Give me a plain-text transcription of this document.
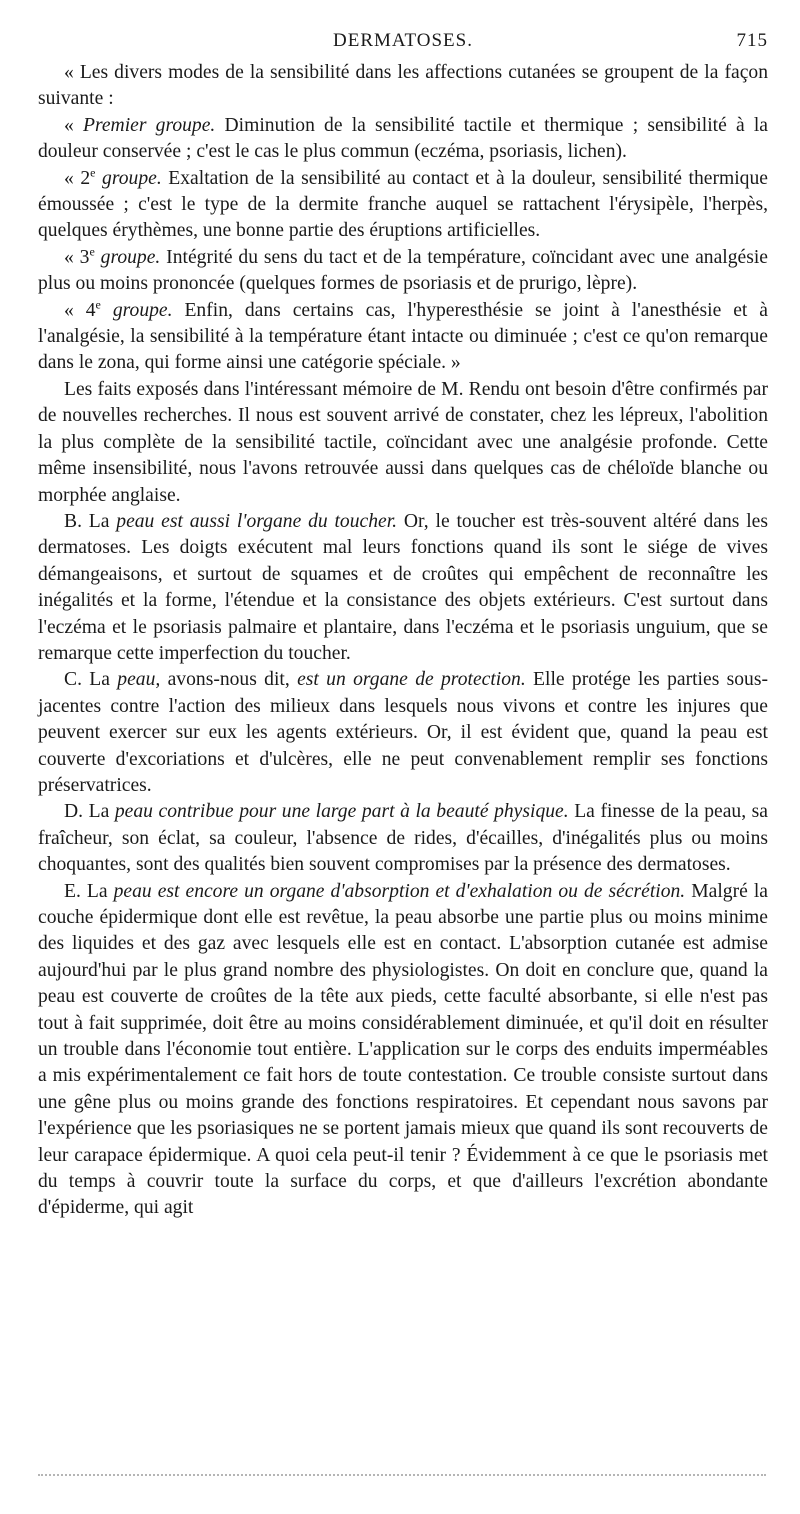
DERMATOSES.	715

« Les divers modes de la sensibilité dans les affections cutanées se groupent de la façon suivante :

« Premier groupe. Diminution de la sensibilité tactile et thermique ; sensibilité à la douleur conservée ; c'est le cas le plus commun (eczéma, psoriasis, lichen).

« 2e groupe. Exaltation de la sensibilité au contact et à la douleur, sensibilité thermique émoussée ; c'est le type de la dermite franche auquel se rattachent l'érysipèle, l'herpès, quelques érythèmes, une bonne partie des éruptions artificielles.

« 3e groupe. Intégrité du sens du tact et de la température, coïncidant avec une analgésie plus ou moins prononcée (quelques formes de psoriasis et de prurigo, lèpre).

« 4e groupe. Enfin, dans certains cas, l'hyperesthésie se joint à l'anesthésie et à l'analgésie, la sensibilité à la température étant intacte ou diminuée ; c'est ce qu'on remarque dans le zona, qui forme ainsi une catégorie spéciale. »

Les faits exposés dans l'intéressant mémoire de M. Rendu ont besoin d'être confirmés par de nouvelles recherches. Il nous est souvent arrivé de constater, chez les lépreux, l'abolition la plus complète de la sensibilité tactile, coïncidant avec une analgésie profonde. Cette même insensibilité, nous l'avons retrouvée aussi dans quelques cas de chéloïde blanche ou morphée anglaise.

B. La peau est aussi l'organe du toucher. Or, le toucher est très-souvent altéré dans les dermatoses. Les doigts exécutent mal leurs fonctions quand ils sont le siége de vives démangeaisons, et surtout de squames et de croûtes qui empêchent de reconnaître les inégalités et la forme, l'étendue et la consistance des objets extérieurs. C'est surtout dans l'eczéma et le psoriasis palmaire et plantaire, dans l'eczéma et le psoriasis unguium, que se remarque cette imperfection du toucher.

C. La peau, avons-nous dit, est un organe de protection. Elle protége les parties sous-jacentes contre l'action des milieux dans lesquels nous vivons et contre les injures que peuvent exercer sur eux les agents extérieurs. Or, il est évident que, quand la peau est couverte d'excoriations et d'ulcères, elle ne peut convenablement remplir ses fonctions préservatrices.

D. La peau contribue pour une large part à la beauté physique. La finesse de la peau, sa fraîcheur, son éclat, sa couleur, l'absence de rides, d'écailles, d'inégalités plus ou moins choquantes, sont des qualités bien souvent compromises par la présence des dermatoses.

E. La peau est encore un organe d'absorption et d'exhalation ou de sécrétion. Malgré la couche épidermique dont elle est revêtue, la peau absorbe une partie plus ou moins minime des liquides et des gaz avec lesquels elle est en contact. L'absorption cutanée est admise aujourd'hui par le plus grand nombre des physiologistes. On doit en conclure que, quand la peau est couverte de croûtes de la tête aux pieds, cette faculté absorbante, si elle n'est pas tout à fait supprimée, doit être au moins considérablement diminuée, et qu'il doit en résulter un trouble dans l'économie tout entière. L'application sur le corps des enduits imperméables a mis expérimentalement ce fait hors de toute contestation. Ce trouble consiste surtout dans une gêne plus ou moins grande des fonctions respiratoires. Et cependant nous savons par l'expérience que les psoriasiques ne se portent jamais mieux que quand ils sont recouverts de leur carapace épidermique. A quoi cela peut-il tenir ? Évidemment à ce que le psoriasis met du temps à couvrir toute la surface du corps, et que d'ailleurs l'excrétion abondante d'épiderme, qui agit
